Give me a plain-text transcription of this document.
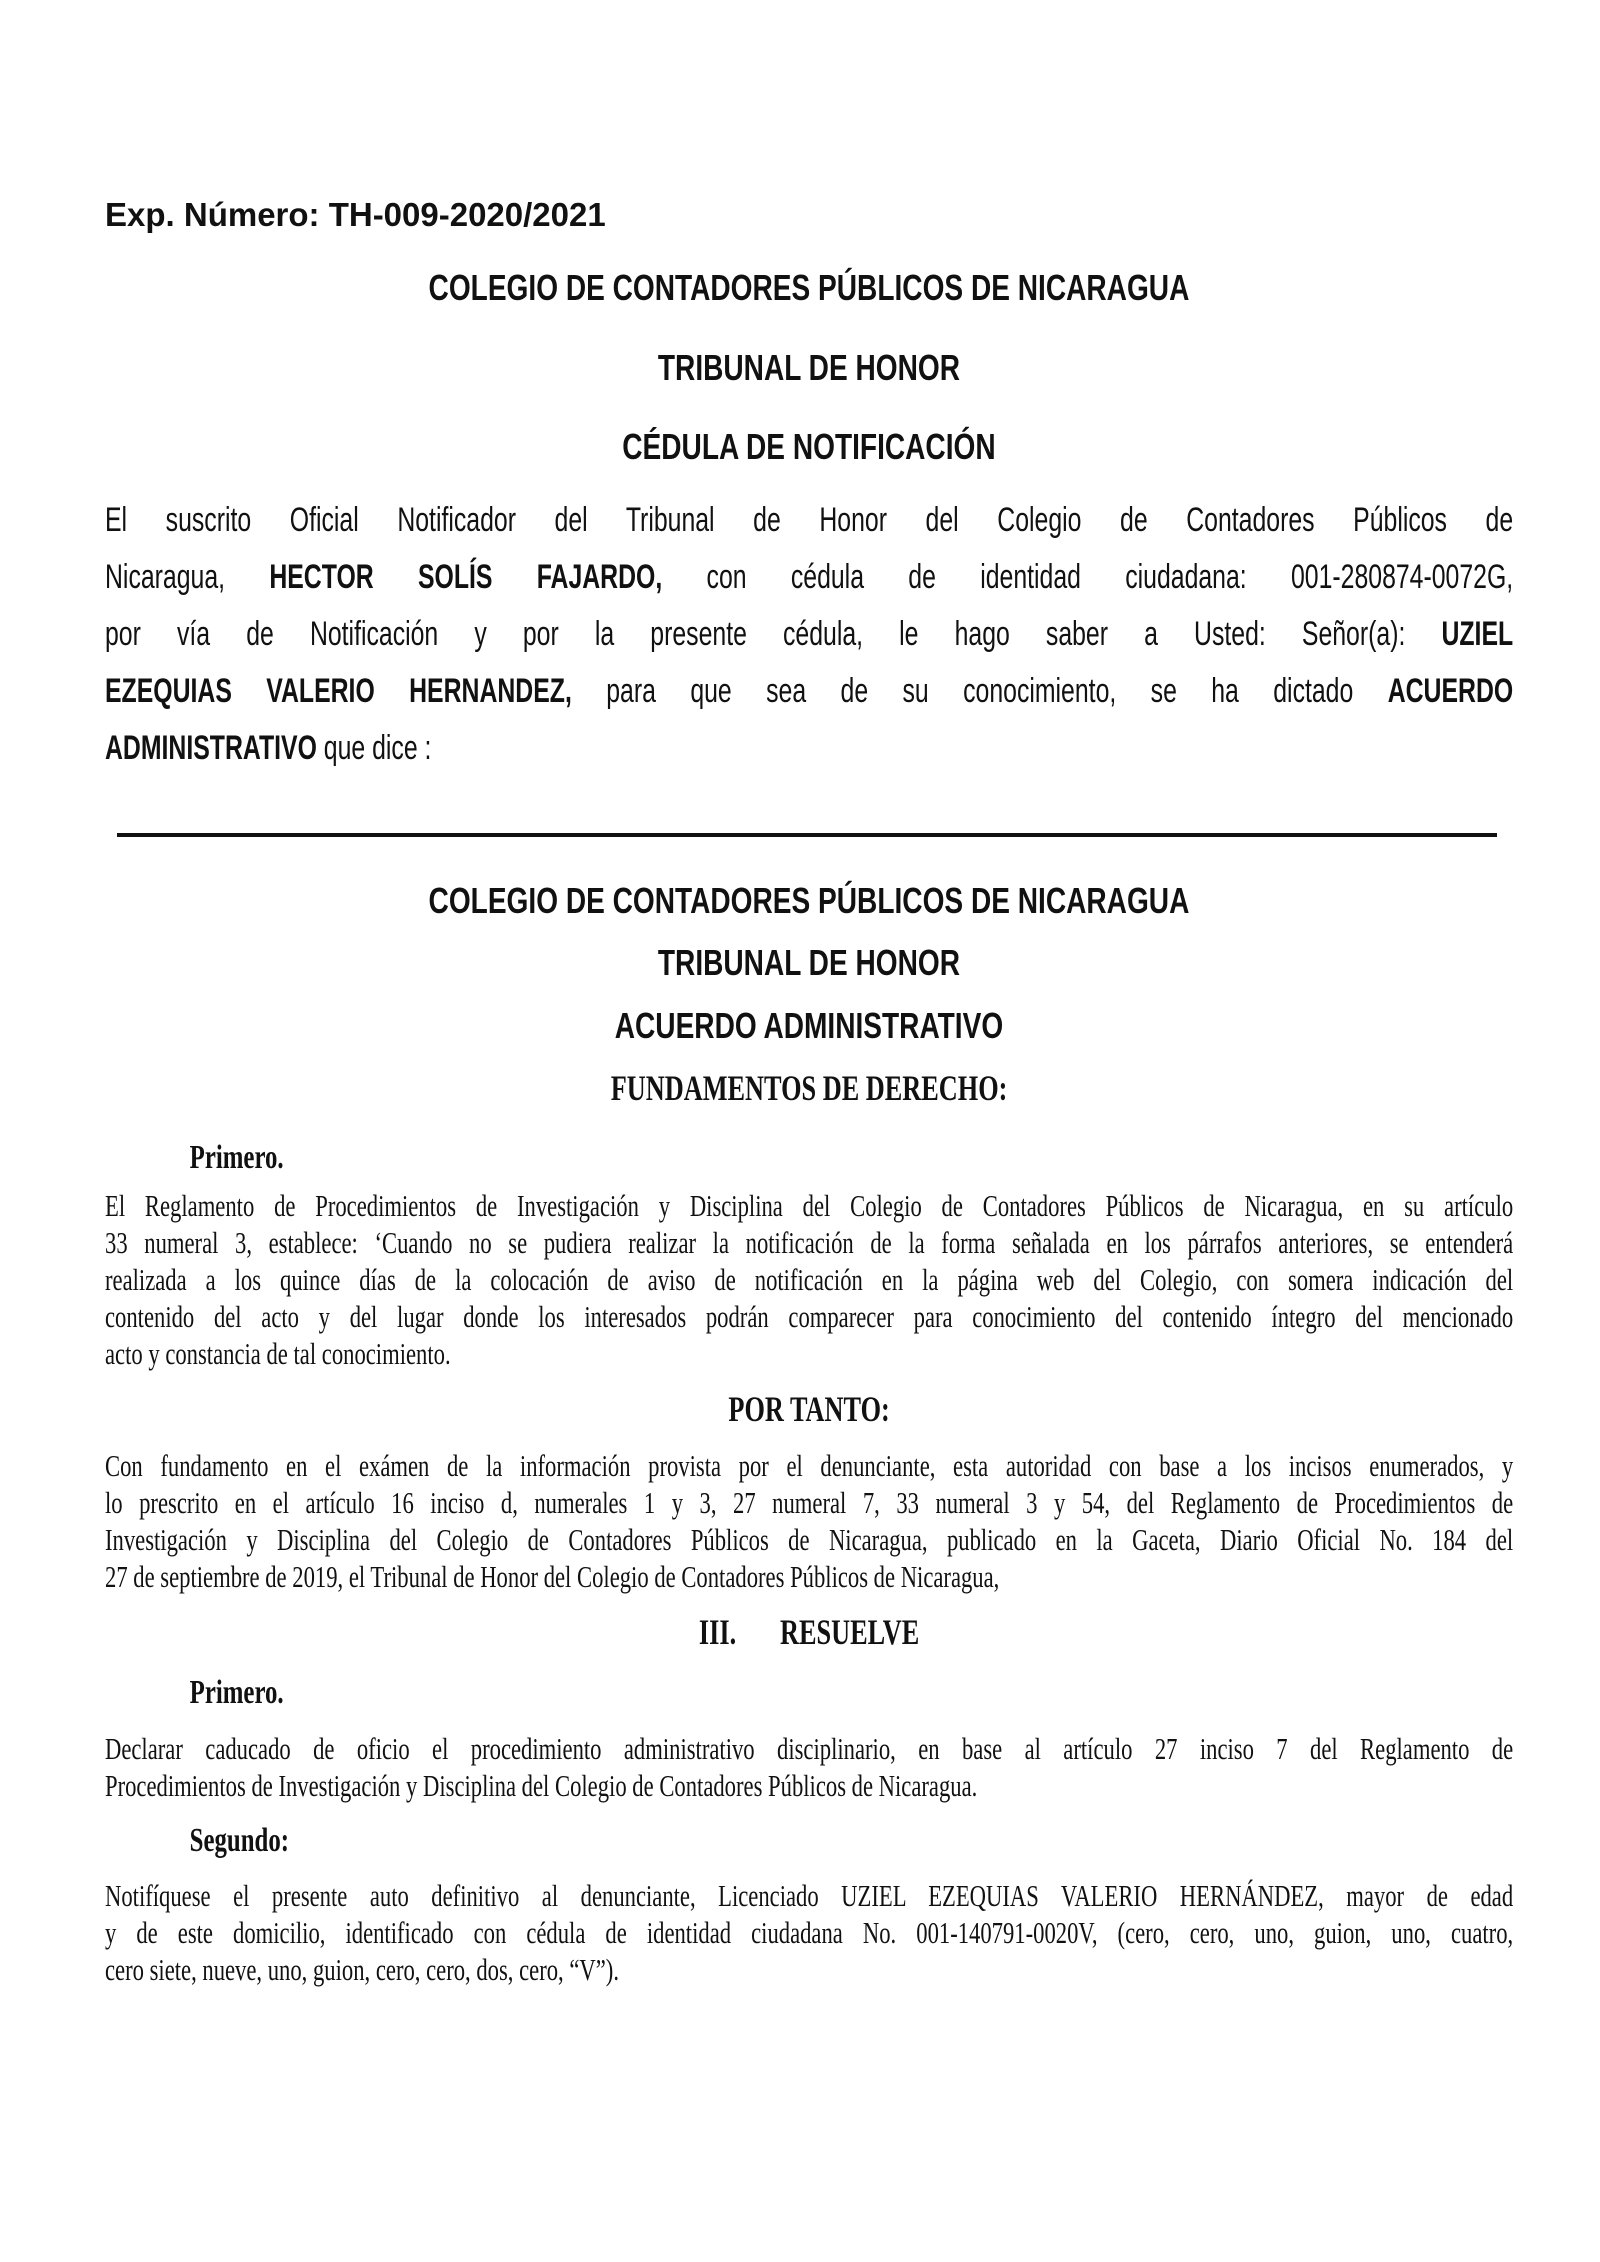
Exp. Número: TH-009-2020/2021
COLEGIO DE CONTADORES PÚBLICOS DE NICARAGUA
TRIBUNAL DE HONOR
CÉDULA DE NOTIFICACIÓN
El suscrito Oficial Notificador del Tribunal de Honor del Colegio de Contadores Públicos de
Nicaragua, HECTOR SOLÍS FAJARDO, con cédula de identidad ciudadana: 001-280874-0072G,
por vía de Notificación y por la presente cédula, le hago saber a Usted: Señor(a): UZIEL
EZEQUIAS VALERIO HERNANDEZ, para que sea de su conocimiento, se ha dictado ACUERDO
ADMINISTRATIVO que dice :
COLEGIO DE CONTADORES PÚBLICOS DE NICARAGUA
TRIBUNAL DE HONOR
ACUERDO ADMINISTRATIVO
FUNDAMENTOS DE DERECHO:
Primero.
El Reglamento de Procedimientos de Investigación y Disciplina del Colegio de Contadores Públicos de Nicaragua, en su artículo
33 numeral 3, establece: ‘Cuando no se pudiera realizar la notificación de la forma señalada en los párrafos anteriores, se entenderá
realizada a los quince días de la colocación de aviso de notificación en la página web del Colegio, con somera indicación del
contenido del acto y del lugar donde los interesados podrán comparecer para conocimiento del contenido íntegro del mencionado
acto y constancia de tal conocimiento.
POR TANTO:
Con fundamento en el exámen de la información provista por el denunciante, esta autoridad con base a los incisos enumerados, y
lo prescrito en el artículo 16 inciso d, numerales 1 y 3, 27 numeral 7, 33 numeral 3 y 54, del Reglamento de Procedimientos de
Investigación y Disciplina del Colegio de Contadores Públicos de Nicaragua, publicado en la Gaceta, Diario Oficial No. 184 del
27 de septiembre de 2019, el Tribunal de Honor del Colegio de Contadores Públicos de Nicaragua,
III. RESUELVE
Primero.
Declarar caducado de oficio el procedimiento administrativo disciplinario, en base al artículo 27 inciso 7 del Reglamento de
Procedimientos de Investigación y Disciplina del Colegio de Contadores Públicos de Nicaragua.
Segundo:
Notifíquese el presente auto definitivo al denunciante, Licenciado UZIEL EZEQUIAS VALERIO HERNÁNDEZ, mayor de edad
y de este domicilio, identificado con cédula de identidad ciudadana No. 001-140791-0020V, (cero, cero, uno, guion, uno, cuatro,
cero siete, nueve, uno, guion, cero, cero, dos, cero, “V”).
